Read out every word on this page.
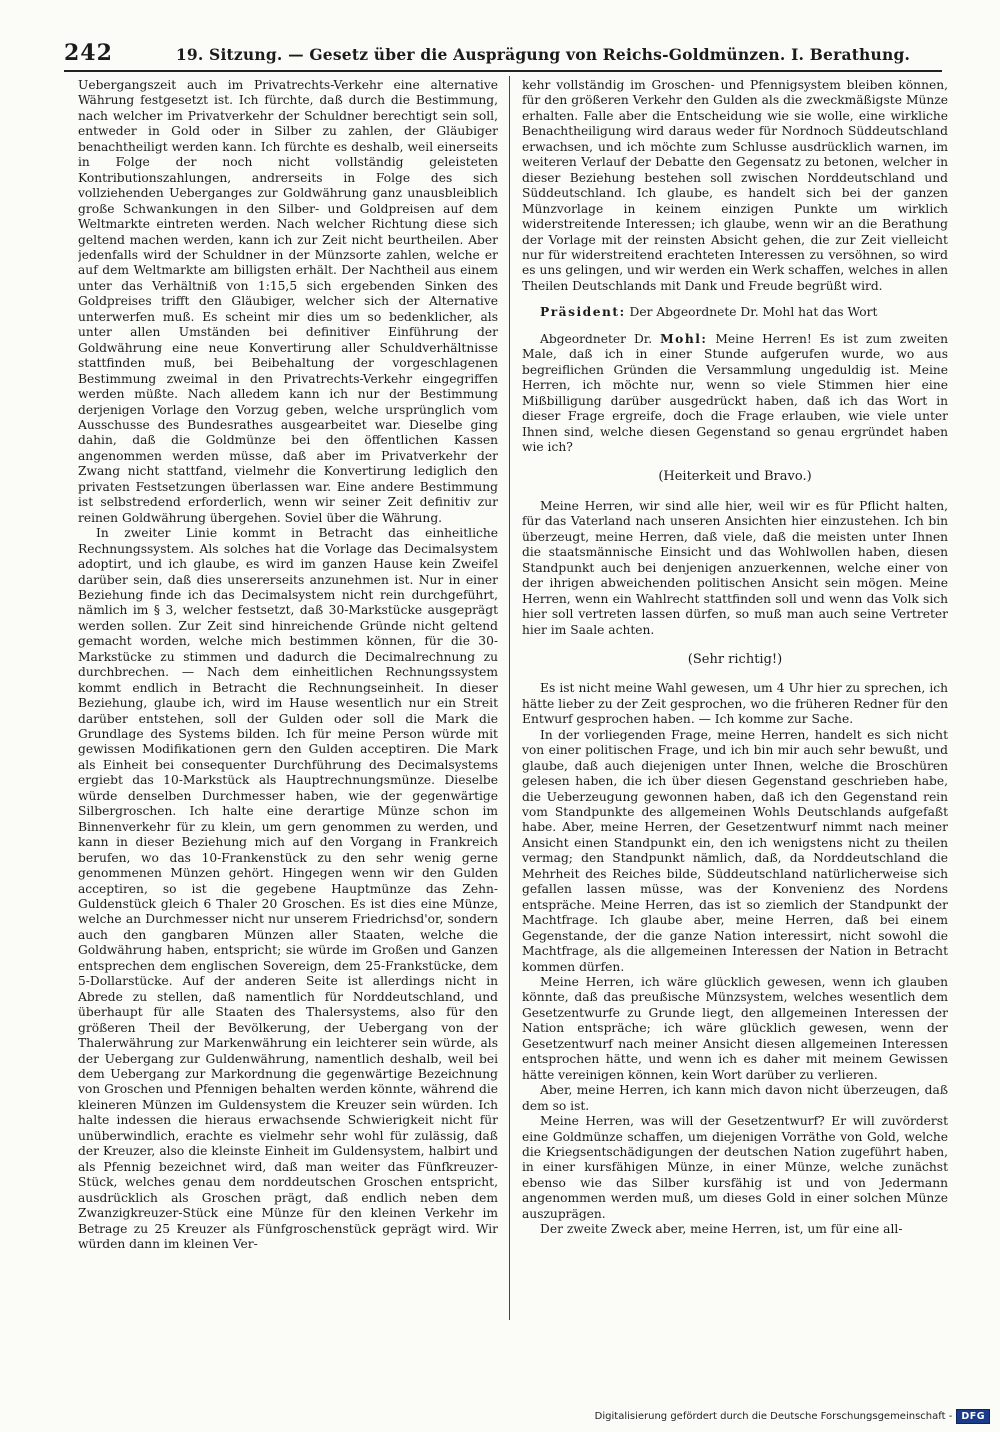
242	19. Sitzung. — Gesetz über die Ausprägung von Reichs-Goldmünzen. I. Berathung.

Uebergangszeit auch im Privatrechts-Verkehr eine alternative Währung festgesetzt ist. Ich fürchte, daß durch die Bestimmung, nach welcher im Privatverkehr der Schuldner berechtigt sein soll, entweder in Gold oder in Silber zu zahlen, der Gläubiger benachtheiligt werden kann. Ich fürchte es deshalb, weil einerseits in Folge der noch nicht vollständig geleisteten Kontributionszahlungen, andrerseits in Folge des sich vollziehenden Ueberganges zur Goldwährung ganz unausbleiblich große Schwankungen in den Silber- und Goldpreisen auf dem Weltmarkte eintreten werden. Nach welcher Richtung diese sich geltend machen werden, kann ich zur Zeit nicht beurtheilen. Aber jedenfalls wird der Schuldner in der Münzsorte zahlen, welche er auf dem Weltmarkte am billigsten erhält. Der Nachtheil aus einem unter das Verhältniß von 1:15,5 sich ergebenden Sinken des Goldpreises trifft den Gläubiger, welcher sich der Alternative unterwerfen muß. Es scheint mir dies um so bedenklicher, als unter allen Umständen bei definitiver Einführung der Goldwährung eine neue Konvertirung aller Schuldverhältnisse stattfinden muß, bei Beibehaltung der vorgeschlagenen Bestimmung zweimal in den Privatrechts-Verkehr eingegriffen werden müßte. Nach alledem kann ich nur der Bestimmung derjenigen Vorlage den Vorzug geben, welche ursprünglich vom Ausschusse des Bundesrathes ausgearbeitet war. Dieselbe ging dahin, daß die Goldmünze bei den öffentlichen Kassen angenommen werden müsse, daß aber im Privatverkehr der Zwang nicht stattfand, vielmehr die Konvertirung lediglich den privaten Festsetzungen überlassen war. Eine andere Bestimmung ist selbstredend erforderlich, wenn wir seiner Zeit definitiv zur reinen Goldwährung übergehen. Soviel über die Währung.

In zweiter Linie kommt in Betracht das einheitliche Rechnungssystem. Als solches hat die Vorlage das Decimalsystem adoptirt, und ich glaube, es wird im ganzen Hause kein Zweifel darüber sein, daß dies unsererseits anzunehmen ist. Nur in einer Beziehung finde ich das Decimalsystem nicht rein durchgeführt, nämlich im § 3, welcher festsetzt, daß 30-Markstücke ausgeprägt werden sollen. Zur Zeit sind hinreichende Gründe nicht geltend gemacht worden, welche mich bestimmen können, für die 30-Markstücke zu stimmen und dadurch die Decimalrechnung zu durchbrechen. — Nach dem einheitlichen Rechnungssystem kommt endlich in Betracht die Rechnungseinheit. In dieser Beziehung, glaube ich, wird im Hause wesentlich nur ein Streit darüber entstehen, soll der Gulden oder soll die Mark die Grundlage des Systems bilden. Ich für meine Person würde mit gewissen Modifikationen gern den Gulden acceptiren. Die Mark als Einheit bei consequenter Durchführung des Decimalsystems ergiebt das 10-Markstück als Hauptrechnungsmünze. Dieselbe würde denselben Durchmesser haben, wie der gegenwärtige Silbergroschen. Ich halte eine derartige Münze schon im Binnenverkehr für zu klein, um gern genommen zu werden, und kann in dieser Beziehung mich auf den Vorgang in Frankreich berufen, wo das 10-Frankenstück zu den sehr wenig gerne genommenen Münzen gehört. Hingegen wenn wir den Gulden acceptiren, so ist die gegebene Hauptmünze das Zehn-Guldenstück gleich 6 Thaler 20 Groschen. Es ist dies eine Münze, welche an Durchmesser nicht nur unserem Friedrichsd'or, sondern auch den gangbaren Münzen aller Staaten, welche die Goldwährung haben, entspricht; sie würde im Großen und Ganzen entsprechen dem englischen Sovereign, dem 25-Frankstücke, dem 5-Dollarstücke. Auf der anderen Seite ist allerdings nicht in Abrede zu stellen, daß namentlich für Norddeutschland, und überhaupt für alle Staaten des Thalersystems, also für den größeren Theil der Bevölkerung, der Uebergang von der Thalerwährung zur Markenwährung ein leichterer sein würde, als der Uebergang zur Guldenwährung, namentlich deshalb, weil bei dem Uebergang zur Markordnung die gegenwärtige Bezeichnung von Groschen und Pfennigen behalten werden könnte, während die kleineren Münzen im Guldensystem die Kreuzer sein würden. Ich halte indessen die hieraus erwachsende Schwierigkeit nicht für unüberwindlich, erachte es vielmehr sehr wohl für zulässig, daß der Kreuzer, also die kleinste Einheit im Guldensystem, halbirt und als Pfennig bezeichnet wird, daß man weiter das Fünfkreuzer-Stück, welches genau dem norddeutschen Groschen entspricht, ausdrücklich als Groschen prägt, daß endlich neben dem Zwanzigkreuzer-Stück eine Münze für den kleinen Verkehr im Betrage zu 25 Kreuzer als Fünfgroschenstück geprägt wird. Wir würden dann im kleinen Ver-

kehr vollständig im Groschen- und Pfennigsystem bleiben können, für den größeren Verkehr den Gulden als die zweckmäßigste Münze erhalten. Falle aber die Entscheidung wie sie wolle, eine wirkliche Benachtheiligung wird daraus weder für Nordnoch Süddeutschland erwachsen, und ich möchte zum Schlusse ausdrücklich warnen, im weiteren Verlauf der Debatte den Gegensatz zu betonen, welcher in dieser Beziehung bestehen soll zwischen Norddeutschland und Süddeutschland. Ich glaube, es handelt sich bei der ganzen Münzvorlage in keinem einzigen Punkte um wirklich widerstreitende Interessen; ich glaube, wenn wir an die Berathung der Vorlage mit der reinsten Absicht gehen, die zur Zeit vielleicht nur für widerstreitend erachteten Interessen zu versöhnen, so wird es uns gelingen, und wir werden ein Werk schaffen, welches in allen Theilen Deutschlands mit Dank und Freude begrüßt wird.

Präsident: Der Abgeordnete Dr. Mohl hat das Wort

Abgeordneter Dr. Mohl: Meine Herren! Es ist zum zweiten Male, daß ich in einer Stunde aufgerufen wurde, wo aus begreiflichen Gründen die Versammlung ungeduldig ist. Meine Herren, ich möchte nur, wenn so viele Stimmen hier eine Mißbilligung darüber ausgedrückt haben, daß ich das Wort in dieser Frage ergreife, doch die Frage erlauben, wie viele unter Ihnen sind, welche diesen Gegenstand so genau ergründet haben wie ich?

(Heiterkeit und Bravo.)

Meine Herren, wir sind alle hier, weil wir es für Pflicht halten, für das Vaterland nach unseren Ansichten hier einzustehen. Ich bin überzeugt, meine Herren, daß viele, daß die meisten unter Ihnen die staatsmännische Einsicht und das Wohlwollen haben, diesen Standpunkt auch bei denjenigen anzuerkennen, welche einer von der ihrigen abweichenden politischen Ansicht sein mögen. Meine Herren, wenn ein Wahlrecht stattfinden soll und wenn das Volk sich hier soll vertreten lassen dürfen, so muß man auch seine Vertreter hier im Saale achten.

(Sehr richtig!)

Es ist nicht meine Wahl gewesen, um 4 Uhr hier zu sprechen, ich hätte lieber zu der Zeit gesprochen, wo die früheren Redner für den Entwurf gesprochen haben. — Ich komme zur Sache.

In der vorliegenden Frage, meine Herren, handelt es sich nicht von einer politischen Frage, und ich bin mir auch sehr bewußt, und glaube, daß auch diejenigen unter Ihnen, welche die Broschüren gelesen haben, die ich über diesen Gegenstand geschrieben habe, die Ueberzeugung gewonnen haben, daß ich den Gegenstand rein vom Standpunkte des allgemeinen Wohls Deutschlands aufgefaßt habe. Aber, meine Herren, der Gesetzentwurf nimmt nach meiner Ansicht einen Standpunkt ein, den ich wenigstens nicht zu theilen vermag; den Standpunkt nämlich, daß, da Norddeutschland die Mehrheit des Reiches bilde, Süddeutschland natürlicherweise sich gefallen lassen müsse, was der Konvenienz des Nordens entspräche. Meine Herren, das ist so ziemlich der Standpunkt der Machtfrage. Ich glaube aber, meine Herren, daß bei einem Gegenstande, der die ganze Nation interessirt, nicht sowohl die Machtfrage, als die allgemeinen Interessen der Nation in Betracht kommen dürfen.

Meine Herren, ich wäre glücklich gewesen, wenn ich glauben könnte, daß das preußische Münzsystem, welches wesentlich dem Gesetzentwurfe zu Grunde liegt, den allgemeinen Interessen der Nation entspräche; ich wäre glücklich gewesen, wenn der Gesetzentwurf nach meiner Ansicht diesen allgemeinen Interessen entsprochen hätte, und wenn ich es daher mit meinem Gewissen hätte vereinigen können, kein Wort darüber zu verlieren.

Aber, meine Herren, ich kann mich davon nicht überzeugen, daß dem so ist.

Meine Herren, was will der Gesetzentwurf? Er will zuvörderst eine Goldmünze schaffen, um diejenigen Vorräthe von Gold, welche die Kriegsentschädigungen der deutschen Nation zugeführt haben, in einer kursfähigen Münze, in einer Münze, welche zunächst ebenso wie das Silber kursfähig ist und von Jedermann angenommen werden muß, um dieses Gold in einer solchen Münze auszuprägen.

Der zweite Zweck aber, meine Herren, ist, um für eine all-

Digitalisierung gefördert durch die Deutsche Forschungsgemeinschaft - DFG
